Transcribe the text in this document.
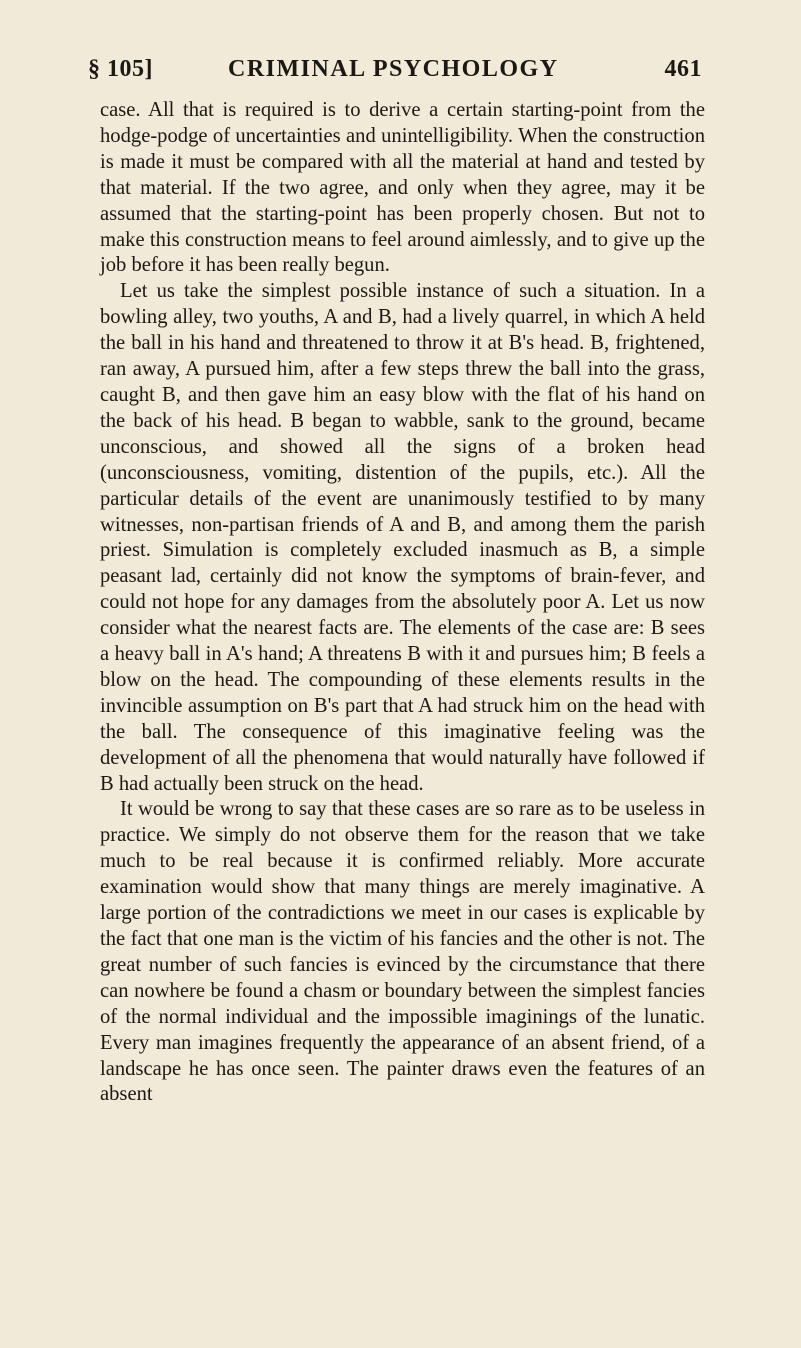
§ 105]	CRIMINAL PSYCHOLOGY	461

case. All that is required is to derive a certain starting-point from the hodge-podge of uncertainties and unintelligibility. When the construction is made it must be compared with all the material at hand and tested by that material. If the two agree, and only when they agree, may it be assumed that the starting-point has been properly chosen. But not to make this construction means to feel around aimlessly, and to give up the job before it has been really begun.

Let us take the simplest possible instance of such a situation. In a bowling alley, two youths, A and B, had a lively quarrel, in which A held the ball in his hand and threatened to throw it at B's head. B, frightened, ran away, A pursued him, after a few steps threw the ball into the grass, caught B, and then gave him an easy blow with the flat of his hand on the back of his head. B began to wabble, sank to the ground, became unconscious, and showed all the signs of a broken head (unconsciousness, vomiting, distention of the pupils, etc.). All the particular details of the event are unanimously testified to by many witnesses, non-partisan friends of A and B, and among them the parish priest. Simulation is completely excluded inasmuch as B, a simple peasant lad, certainly did not know the symptoms of brain-fever, and could not hope for any damages from the absolutely poor A. Let us now consider what the nearest facts are. The elements of the case are: B sees a heavy ball in A's hand; A threatens B with it and pursues him; B feels a blow on the head. The compounding of these elements results in the invincible assumption on B's part that A had struck him on the head with the ball. The consequence of this imaginative feeling was the development of all the phenomena that would naturally have followed if B had actually been struck on the head.

It would be wrong to say that these cases are so rare as to be useless in practice. We simply do not observe them for the reason that we take much to be real because it is confirmed reliably. More accurate examination would show that many things are merely imaginative. A large portion of the contradictions we meet in our cases is explicable by the fact that one man is the victim of his fancies and the other is not. The great number of such fancies is evinced by the circumstance that there can nowhere be found a chasm or boundary between the simplest fancies of the normal individual and the impossible imaginings of the lunatic. Every man imagines frequently the appearance of an absent friend, of a landscape he has once seen. The painter draws even the features of an absent
